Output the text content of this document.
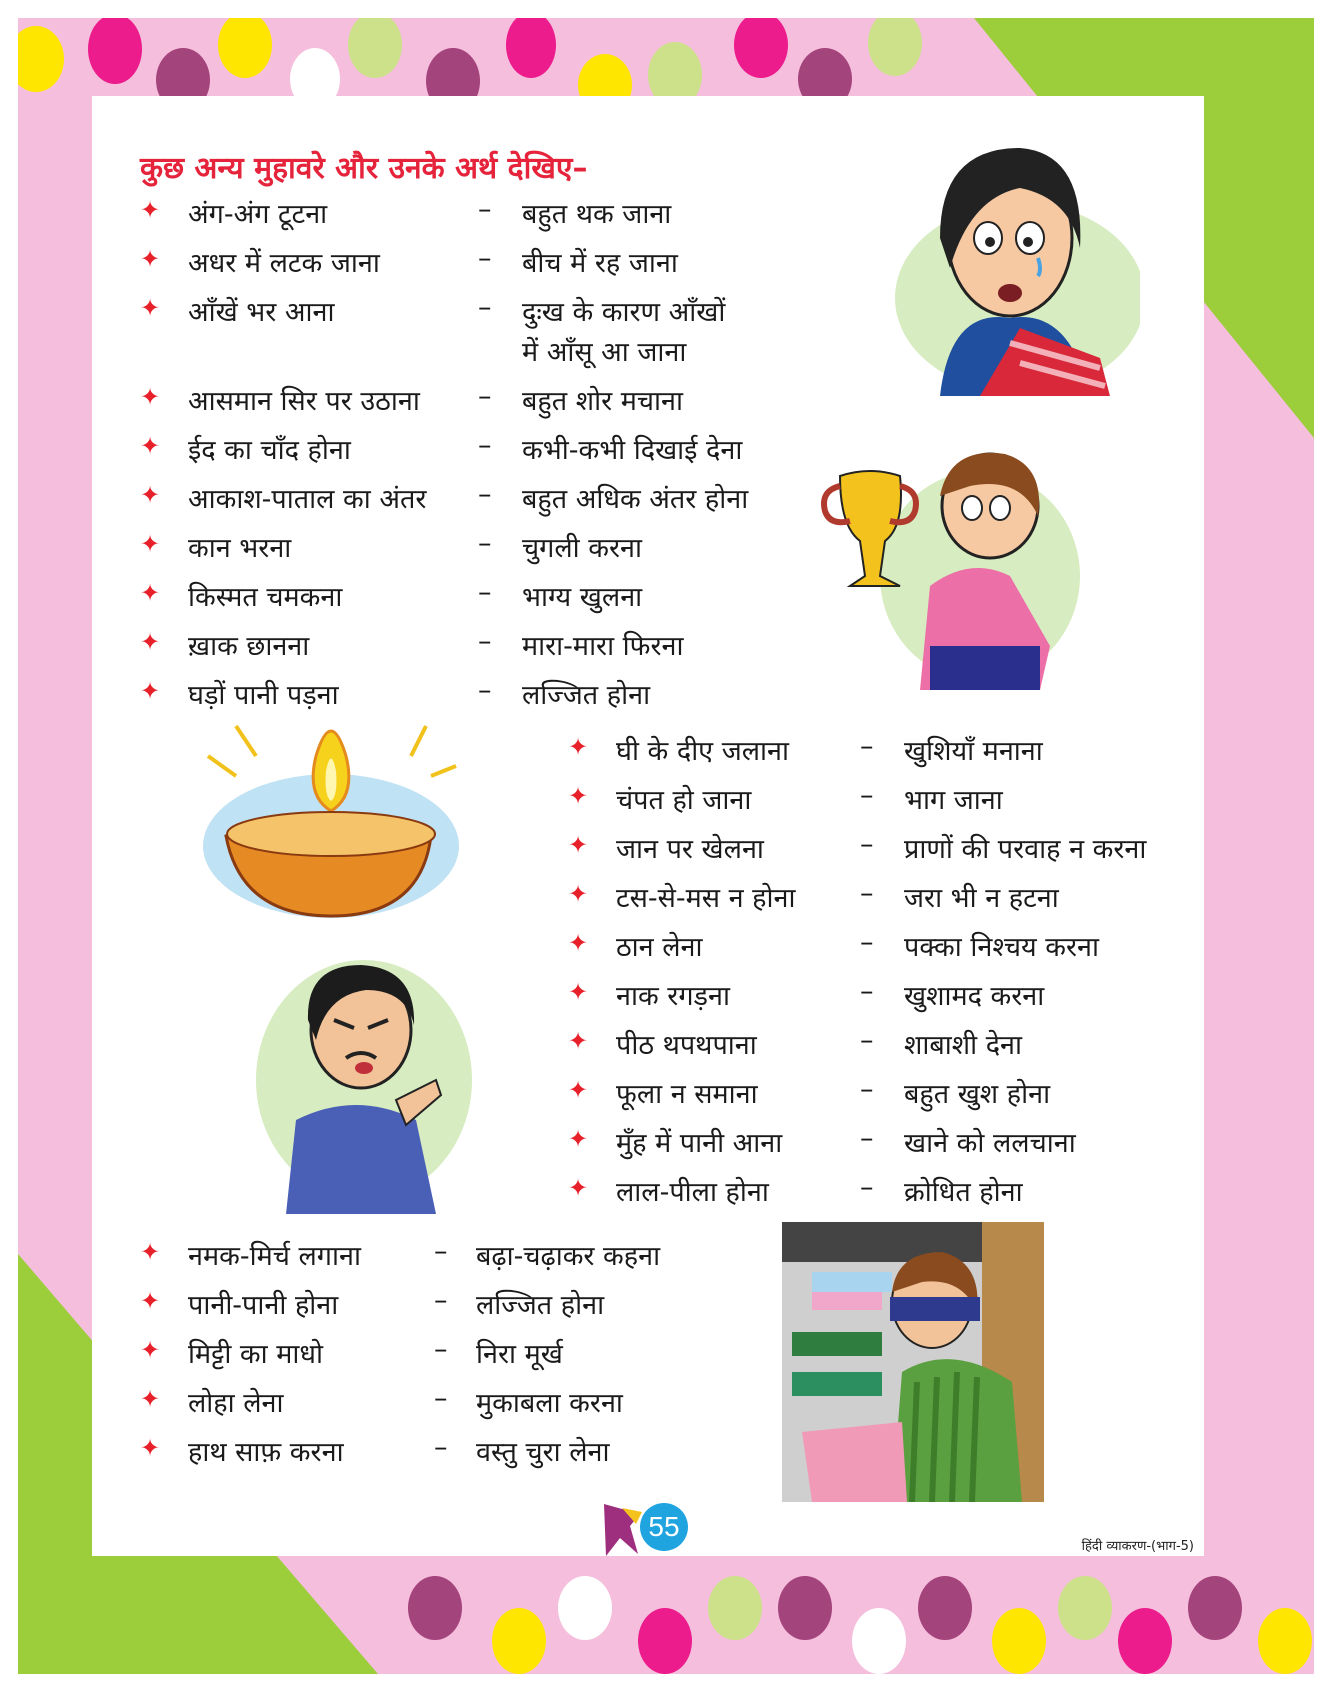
कुछ अन्य मुहावरे और उनके अर्थ देखिए–
✦ अंग-अंग टूटना	– बहुत थक जाना
✦ अधर में लटक जाना	– बीच में रह जाना
✦ आँखें भर आना	– दुःख के कारण आँखों
में आँसू आ जाना
✦ आसमान सिर पर उठाना – बहुत शोर मचाना
✦ ईद का चाँद होना	– कभी-कभी दिखाई देना
✦ आकाश-पाताल का अंतर – बहुत अधिक अंतर होना
✦ कान भरना	– चुगली करना
✦ किस्मत चमकना	– भाग्य खुलना
✦ ख़ाक छानना	– मारा-मारा फिरना
✦ घड़ों पानी पड़ना	– लज्जित होना
✦ घी के दीए जलाना	– खुशियाँ मनाना
✦ चंपत हो जाना	– भाग जाना
✦ जान पर खेलना	– प्राणों की परवाह न करना
✦ टस-से-मस न होना – जरा भी न हटना
✦ ठान लेना	– पक्का निश्चय करना
✦ नाक रगड़ना	– खुशामद करना
✦ पीठ थपथपाना	– शाबाशी देना
✦ फूला न समाना	– बहुत खुश होना
✦ मुँह में पानी आना	– खाने को ललचाना
✦ लाल-पीला होना	– क्रोधित होना
✦ नमक-मिर्च लगाना	– बढ़ा-चढ़ाकर कहना
✦ पानी-पानी होना	– लज्जित होना
✦ मिट्टी का माधो	– निरा मूर्ख
✦ लोहा लेना	– मुकाबला करना
✦ हाथ साफ़ करना	– वस्तु चुरा लेना
55
हिंदी व्याकरण-(भाग-5)
